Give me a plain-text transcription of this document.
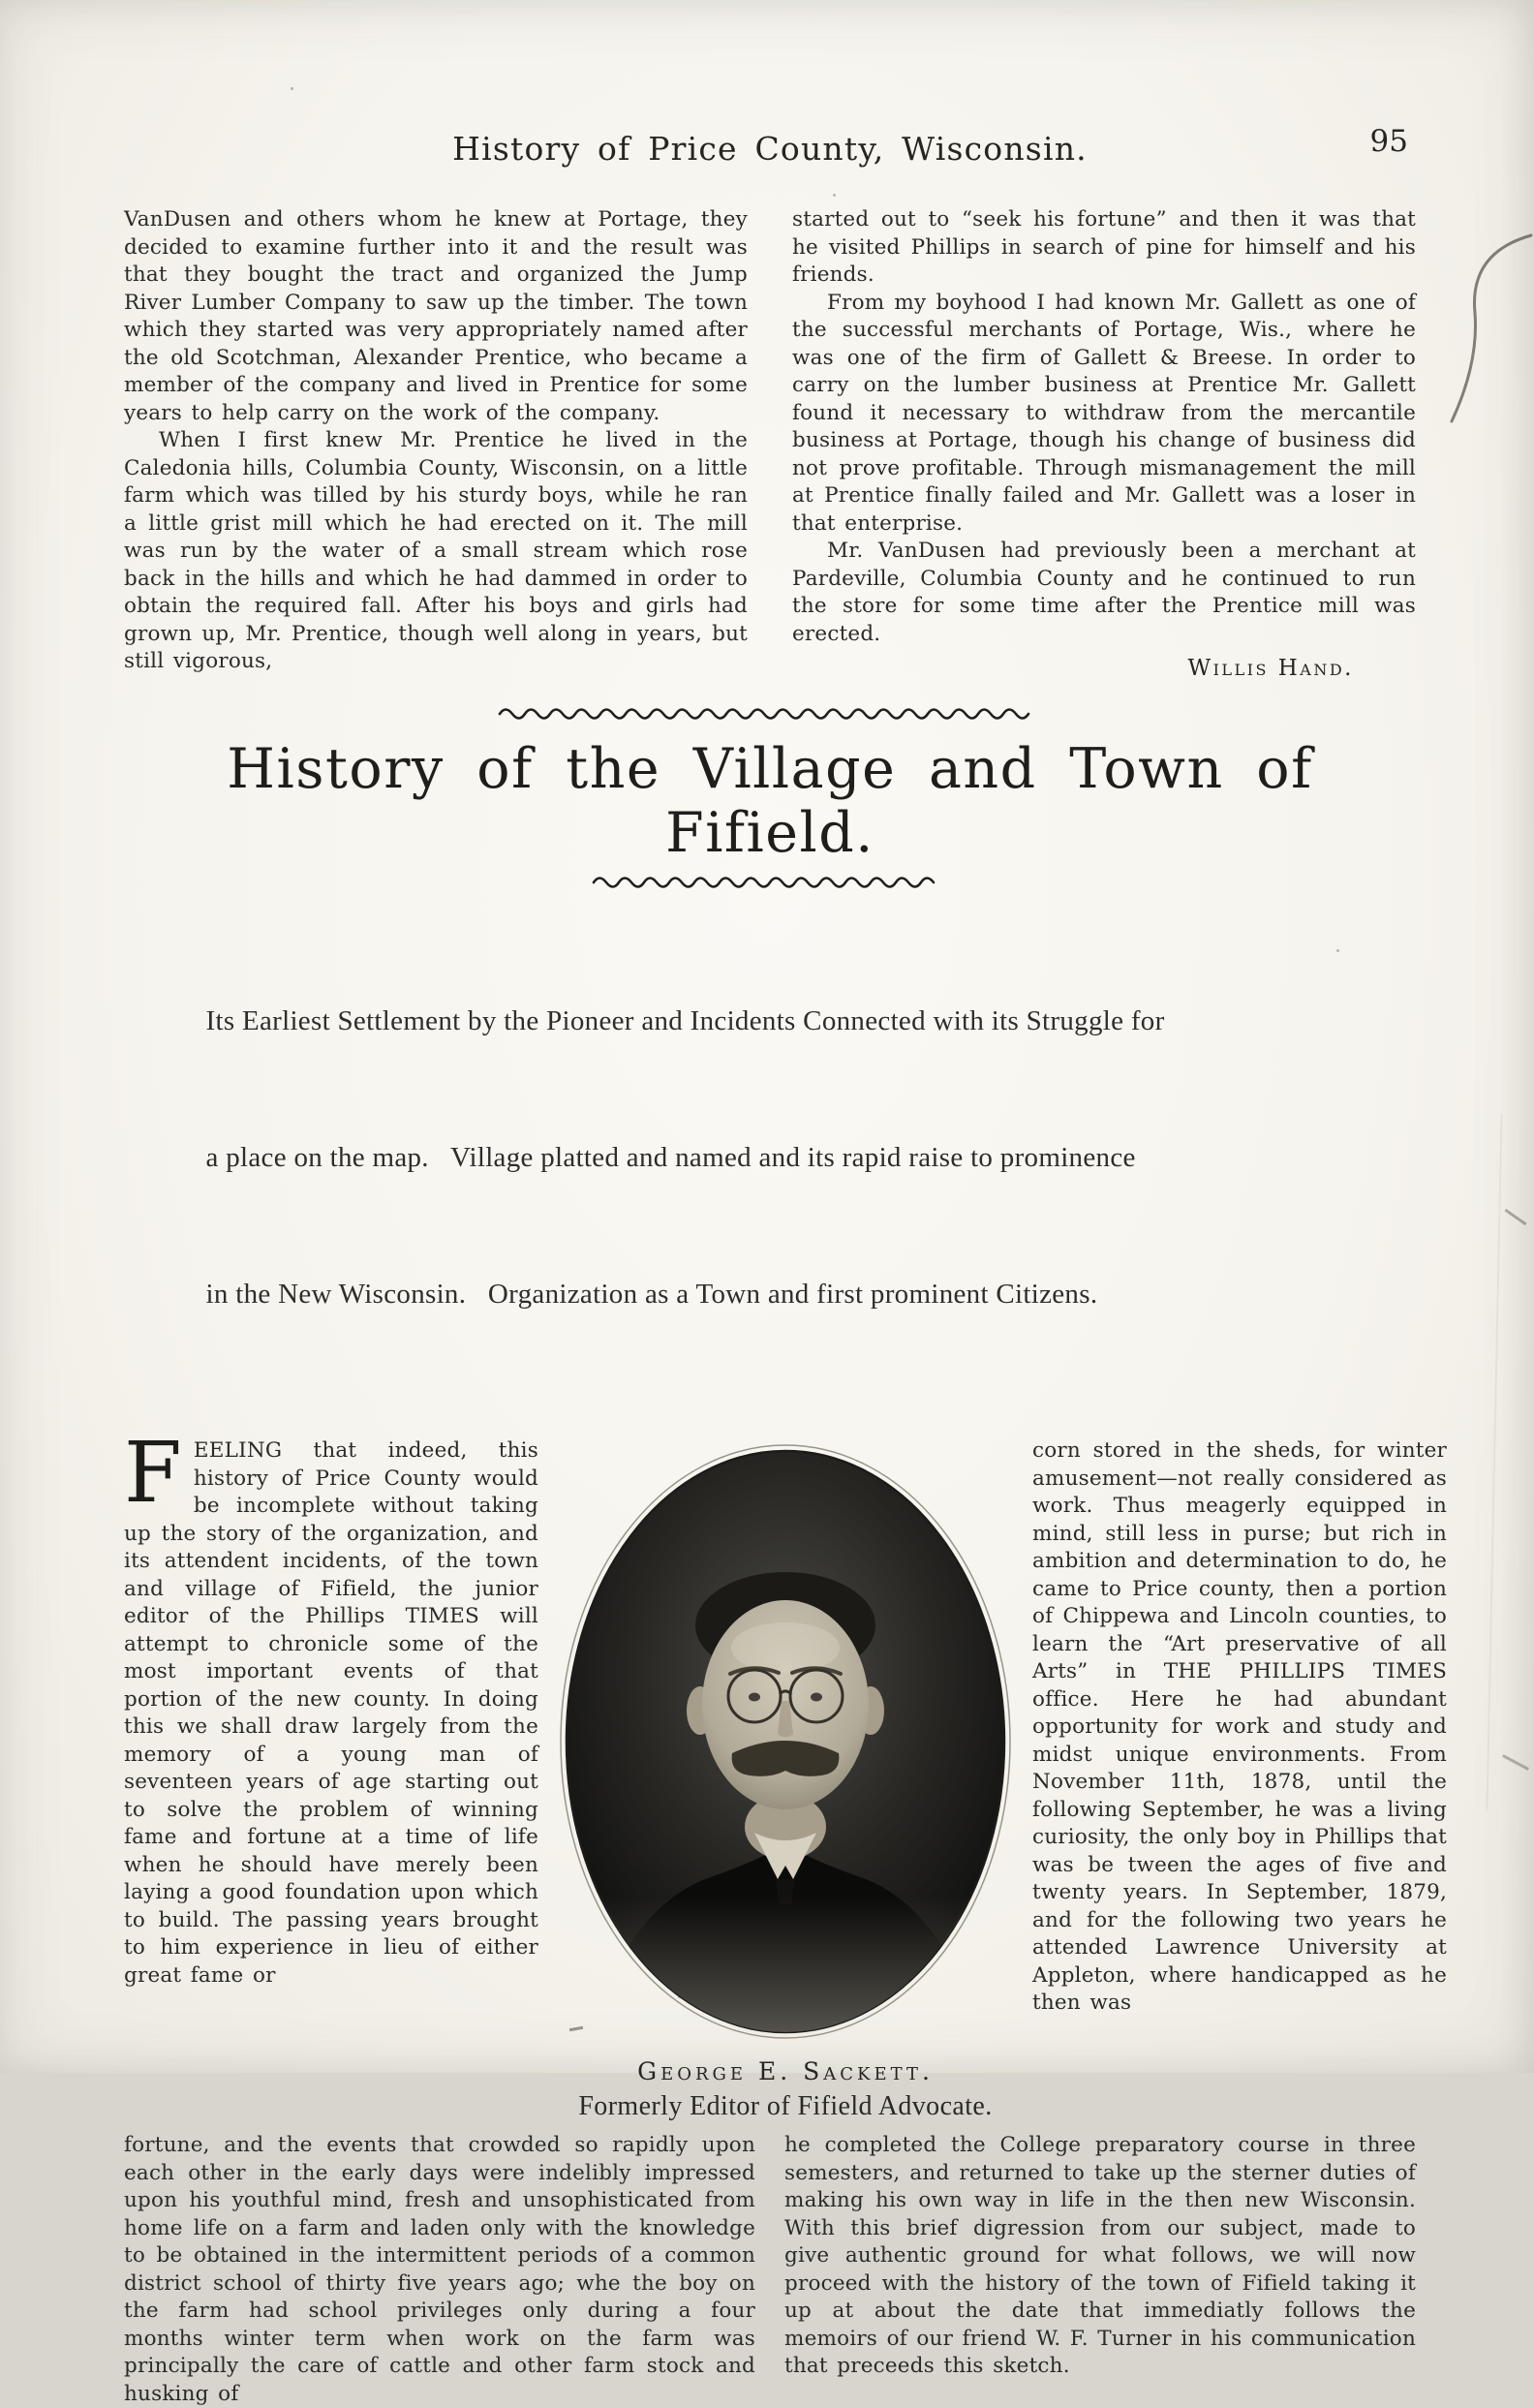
95
History of Price County, Wisconsin.

VanDusen and others whom he knew at Portage, they decided to examine further into it and the result was that they bought the tract and organized the Jump River Lumber Company to saw up the timber. The town which they started was very appropriately named after the old Scotchman, Alexander Prentice, who became a member of the company and lived in Prentice for some years to help carry on the work of the company.

When I first knew Mr. Prentice he lived in the Caledonia hills, Columbia County, Wisconsin, on a little farm which was tilled by his sturdy boys, while he ran a little grist mill which he had erected on it. The mill was run by the water of a small stream which rose back in the hills and which he had dammed in order to obtain the required fall. After his boys and girls had grown up, Mr. Prentice, though well along in years, but still vigorous,

started out to “seek his fortune” and then it was that he visited Phillips in search of pine for himself and his friends.

From my boyhood I had known Mr. Gallett as one of the successful merchants of Portage, Wis., where he was one of the firm of Gallett & Breese. In order to carry on the lumber business at Prentice Mr. Gallett found it necessary to withdraw from the mercantile business at Portage, though his change of business did not prove profitable. Through mismanagement the mill at Prentice finally failed and Mr. Gallett was a loser in that enterprise.

Mr. VanDusen had previously been a merchant at Pardeville, Columbia County and he continued to run the store for some time after the Prentice mill was erected.

Willis Hand.
History of the Village and Town of Fifield.

Its Earliest Settlement by the Pioneer and Incidents Connected with its Struggle for

a place on the map.   Village platted and named and its rapid raise to prominence

in the New Wisconsin.   Organization as a Town and first prominent Citizens.

FEELING that indeed, this history of Price County would be incomplete without taking up the story of the organization, and its attendent incidents, of the town and village of Fifield, the junior editor of the Phillips TIMES will attempt to chronicle some of the most important events of that portion of the new county. In doing this we shall draw largely from the memory of a young man of seventeen years of age starting out to solve the problem of winning fame and fortune at a time of life when he should have merely been laying a good foundation upon which to build. The passing years brought to him experience in lieu of either great fame or

George E. Sackett.
Formerly Editor of Fifield Advocate.

corn stored in the sheds, for winter amusement—not really considered as work. Thus meagerly equipped in mind, still less in purse; but rich in ambition and determination to do, he came to Price county, then a portion of Chippewa and Lincoln counties, to learn the “Art preservative of all Arts” in THE PHILLIPS TIMES office. Here he had abundant opportunity for work and study and midst unique environments. From November 11th, 1878, until the following September, he was a living curiosity, the only boy in Phillips that was be tween the ages of five and twenty years. In September, 1879, and for the following two years he attended Lawrence University at Appleton, where handicapped as he then was

fortune, and the events that crowded so rapidly upon each other in the early days were indelibly impressed upon his youthful mind, fresh and unsophisticated from home life on a farm and laden only with the knowledge to be obtained in the intermittent periods of a common district school of thirty five years ago; whe the boy on the farm had school privileges only during a four months winter term when work on the farm was principally the care of cattle and other farm stock and husking of

he completed the College preparatory course in three semesters, and returned to take up the sterner duties of making his own way in life in the then new Wisconsin. With this brief digression from our subject, made to give authentic ground for what follows, we will now proceed with the history of the town of Fifield taking it up at about the date that immediatly follows the memoirs of our friend W. F. Turner in his communication that preceeds this sketch.
